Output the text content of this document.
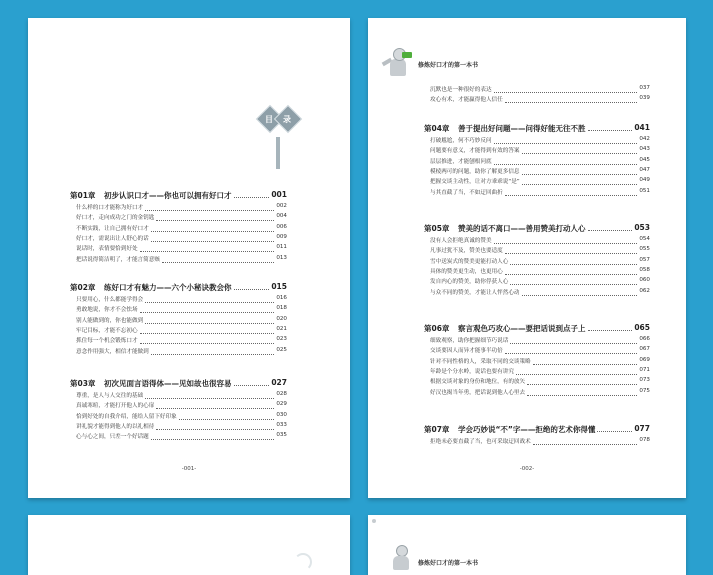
目	录
第01章 初步认识口才——你也可以拥有好口才	001
什么样的口才能称为好口才	002
好口才，走向成功之门的金钥匙	004
不断实践，让自己拥有好口才	006
好口才，需说出让人舒心的话	009
说话时，表情要恰到好处	011
把话说得简洁明了，才能言简意赅	013
第02章 练好口才有魅力——六个小秘诀教会你	015
只要用心，什么都能学得会	016
勇敢地说，你才不会怯场	018
别人能做到的，你也能做到	020
牢记目标，才能不忘初心	021
抓住每一个机会锻炼口才	023
意念作用强大，相信才能做到	025
第03章 初次见面言语得体——见如故也很容易	027
尊重，是人与人交往的基础	028
真诚寒暄，才能打开他人的心扉	029
恰到好处的自我介绍，能给人留下好印象	030
讲礼貌才能得到他人的以礼相待	033
心与心之间，只差一个好话题	035
-001-
修炼好口才的第一本书
沉默也是一种很好的表达	037
攻心有术，才能赢得他人信任	039
第04章 善于提出好问题——问得好能无往不胜	041
打破尴尬，何不巧妙反问	042
问题要有意义，才能得到有效的答案	043
层层推进，才能刨根问底	045
模棱两可的问题，助你了解更多信息	047
把握交谈主动性，让对方乖乖说“是”	049
与其直截了当，不如迂回曲折	051
第05章 赞美的话不离口——善用赞美打动人心	053
没有人会拒绝真诚的赞美	054
凡事过犹不及，赞美也要适度	055
雪中送炭式的赞美更能打动人心	057
具体的赞美更生动，也更用心	058
发自内心的赞美，助你俘获人心	060
与众不同的赞美，才能让人怦然心动	062
第06章 察言观色巧攻心——要把话说到点子上	065
细致观察，助你把握细节巧说话	066
交谈要因人而异才能事半功倍	067
针对不同性格的人，采取不同的交谈策略	069
年龄是个分水岭，说话也要有讲究	071
根据交谈对象的身份和地位，有的放矢	073
好汉也揭当年勇，把话说到他人心里去	075
第07章 学会巧妙说“不”字——拒绝的艺术你得懂	077
拒绝未必要直截了当，也可采取迂回战术	078
-002-
修炼好口才的第一本书
